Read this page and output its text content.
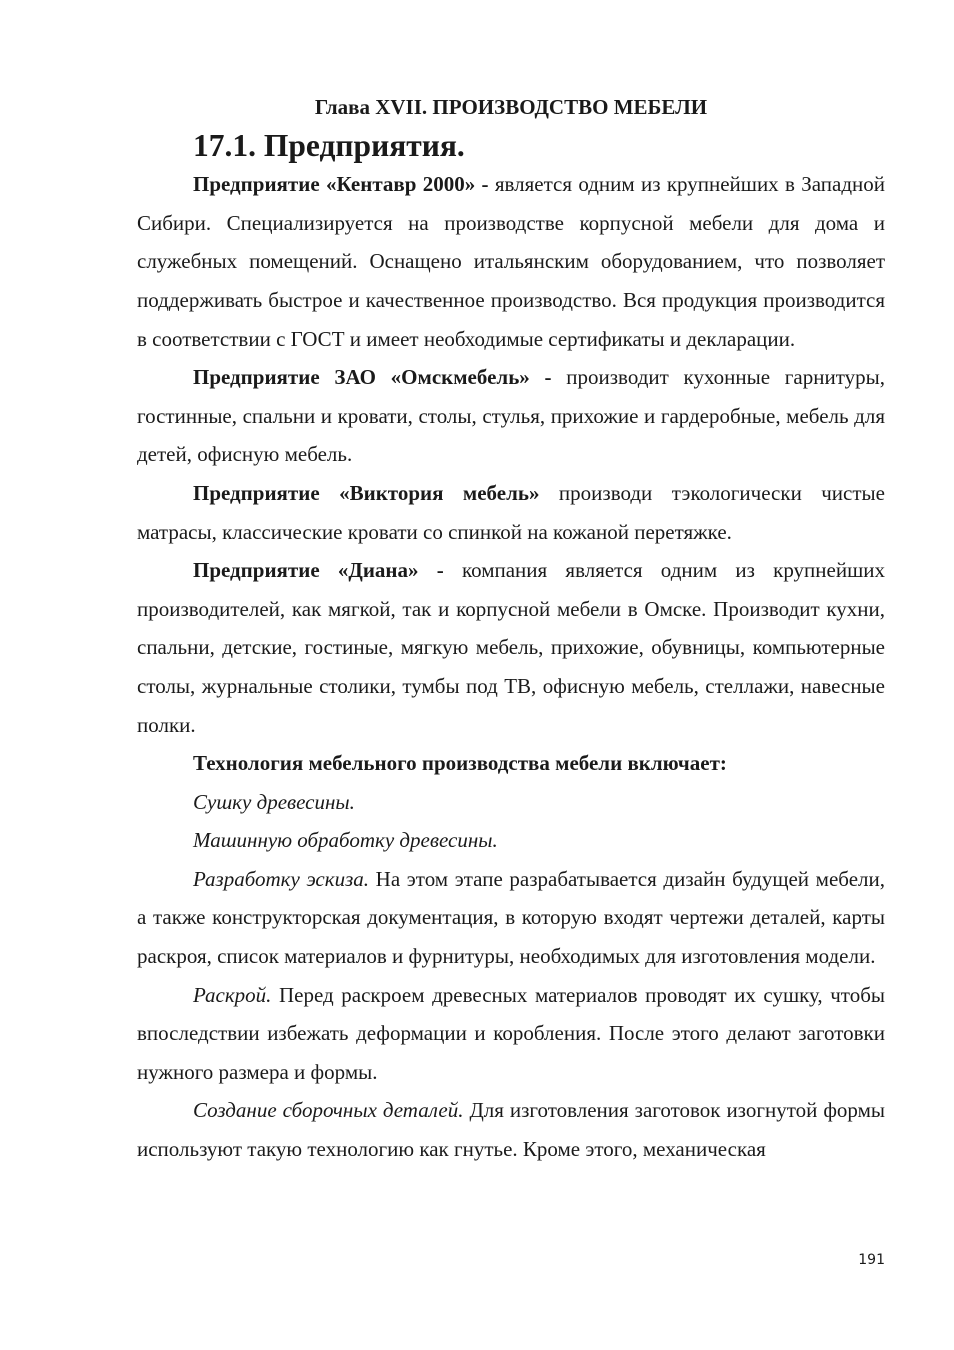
Глава XVII. ПРОИЗВОДСТВО МЕБЕЛИ
17.1. Предприятия.

Предприятие «Кентавр 2000» - является одним из крупнейших в Западной Сибири. Специализируется на производстве корпусной мебели для дома и служебных помещений. Оснащено итальянским оборудованием, что позволяет поддерживать быстрое и качественное производство. Вся продукция производится в соответствии с ГОСТ и имеет необходимые сертификаты и декларации.

Предприятие ЗАО «Омскмебель» - производит кухонные гарнитуры, гостинные, спальни и кровати, столы, стулья, прихожие и гардеробные, мебель для детей, офисную мебель.

Предприятие «Виктория мебель» производи тэкологически чистые матрасы, классические кровати со спинкой на кожаной перетяжке.

Предприятие «Диана» - компания является одним из крупнейших производителей, как мягкой, так и корпусной мебели в Омске. Производит кухни, спальни, детские, гостиные, мягкую мебель, прихожие, обувницы, компьютерные столы, журнальные столики, тумбы под ТВ, офисную мебель, стеллажи, навесные полки.

Технология мебельного производства мебели включает:

Сушку древесины.

Машинную обработку древесины.

Разработку эскиза. На этом этапе разрабатывается дизайн будущей мебели, а также конструкторская документация, в которую входят чертежи деталей, карты раскроя, список материалов и фурнитуры, необходимых для изготовления модели.

Раскрой. Перед раскроем древесных материалов проводят их сушку, чтобы впоследствии избежать деформации и коробления. После этого делают заготовки нужного размера и формы.

Создание сборочных деталей. Для изготовления заготовок изогнутой формы используют такую технологию как гнутье. Кроме этого, механическая

191
